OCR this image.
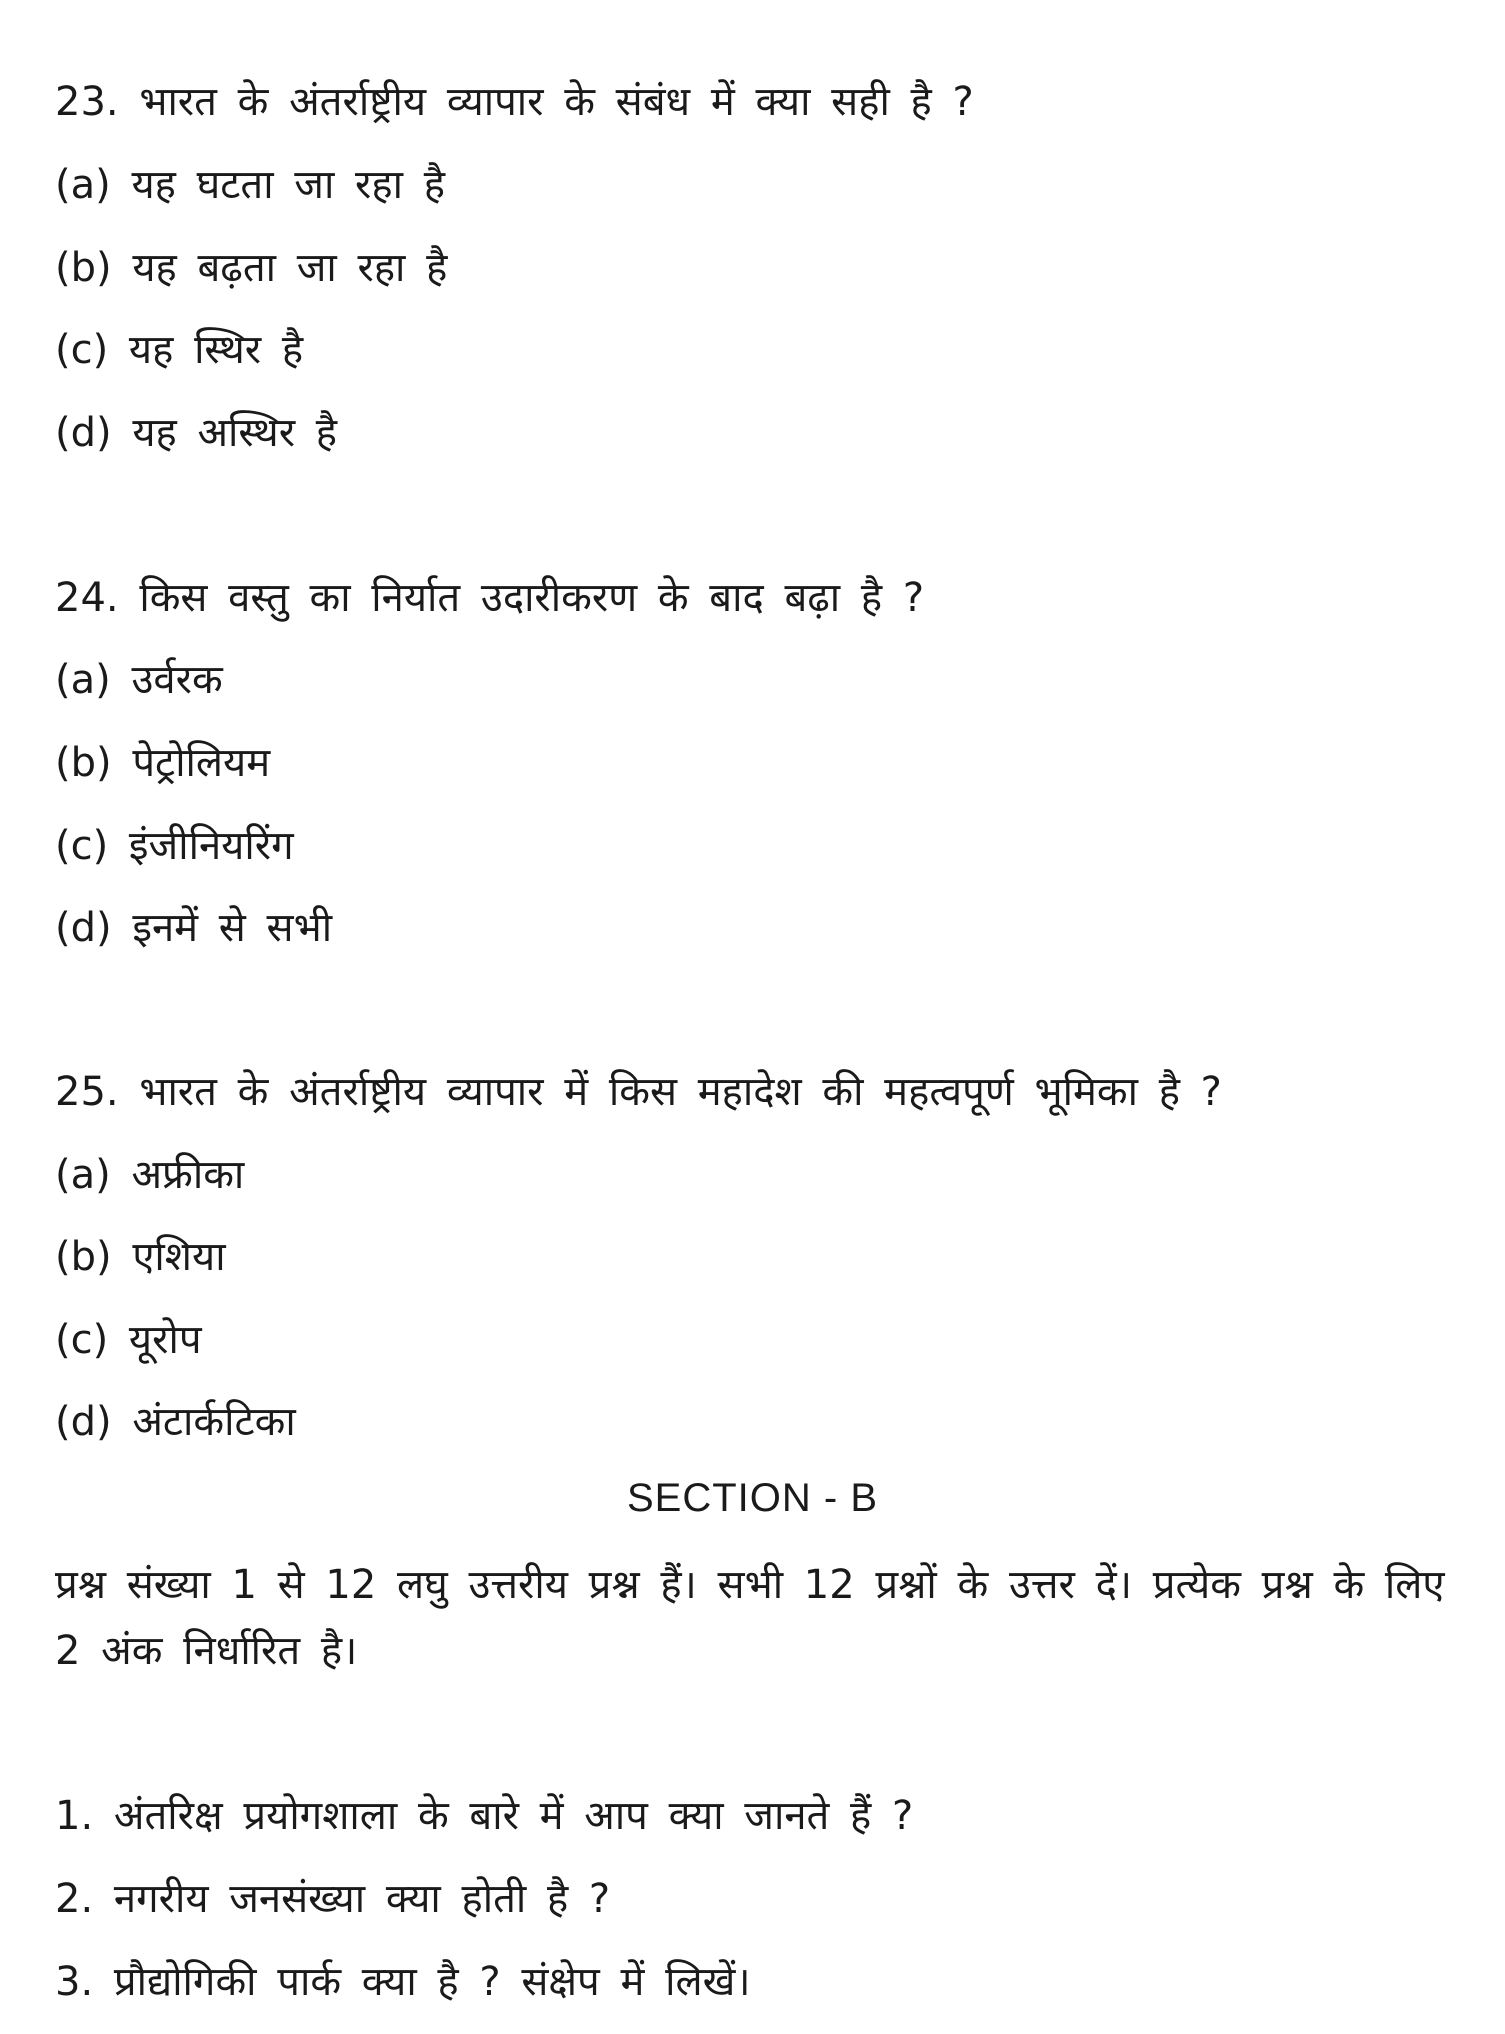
23. भारत के अंतर्राष्ट्रीय व्यापार के संबंध में क्या सही है ?
(a) यह घटता जा रहा है
(b) यह बढ़ता जा रहा है
(c) यह स्थिर है
(d) यह अस्थिर है
24. किस वस्तु का निर्यात उदारीकरण के बाद बढ़ा है ?
(a) उर्वरक
(b) पेट्रोलियम
(c) इंजीनियरिंग
(d) इनमें से सभी
25. भारत के अंतर्राष्ट्रीय व्यापार में किस महादेश की महत्वपूर्ण भूमिका है ?
(a) अफ्रीका
(b) एशिया
(c) यूरोप
(d) अंटार्कटिका
SECTION - B
प्रश्न संख्या 1 से 12 लघु उत्तरीय प्रश्न हैं। सभी 12 प्रश्नों के उत्तर दें। प्रत्येक प्रश्न के लिए 2 अंक निर्धारित है।
1. अंतरिक्ष प्रयोगशाला के बारे में आप क्या जानते हैं ?
2. नगरीय जनसंख्या क्या होती है ?
3. प्रौद्योगिकी पार्क क्या है ? संक्षेप में लिखें।
